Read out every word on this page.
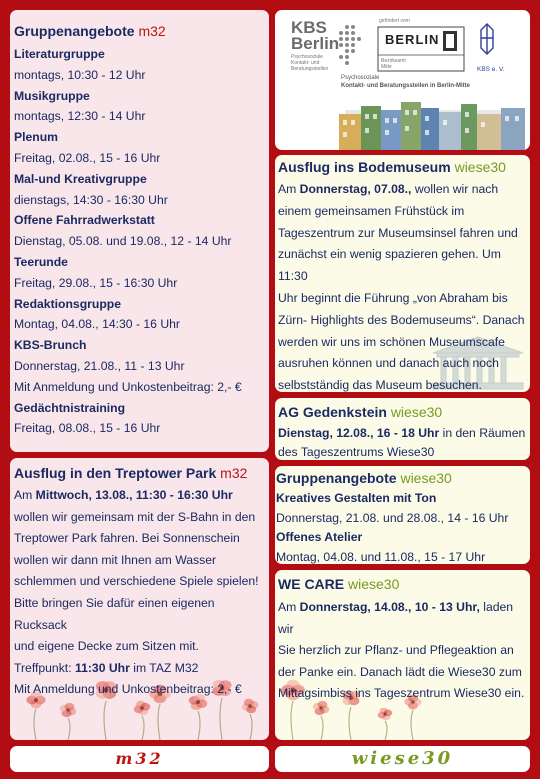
Gruppenangebote m32
Literaturgruppe
montags, 10:30 - 12 Uhr
Musikgruppe
montags, 12:30 - 14 Uhr
Plenum
Freitag, 02.08., 15 - 16 Uhr
Mal-und Kreativgruppe
dienstags, 14:30 - 16:30 Uhr
Offene Fahrradwerkstatt
Dienstag, 05.08. und 19.08., 12 - 14 Uhr
Teerunde
Freitag, 29.08., 15 - 16:30 Uhr
Redaktionsgruppe
Montag, 04.08., 14:30 - 16 Uhr
KBS-Brunch
Donnerstag, 21.08., 11 - 13 Uhr
Mit Anmeldung und Unkostenbeitrag: 2,- €
Gedächtnistraining
Freitag, 08.08., 15 - 16 Uhr
KBS
Berlin
Psychosoziale
Kontakt- und
Beratungsstellen
gefördert vom
BERLIN
Bezirksamt
Mitte	KBS e. V.
Psychosoziale
Kontakt- und Beratungsstellen in Berlin-Mitte
Ausflug ins Bodemuseum wiese30
Am Donnerstag, 07.08., wollen wir nach
einem gemeinsamen Frühstück im
Tageszentrum zur Museumsinsel fahren und
zunächst ein wenig spazieren gehen. Um 11:30
Uhr beginnt die Führung „von Abraham bis
Zürn- Highlights des Bodemuseums“. Danach
werden wir uns im schönen Museumscafe
ausruhen können und danach auch noch
selbstständig das Museum besuchen.
AG Gedenkstein wiese30
Dienstag, 12.08., 16 - 18 Uhr in den Räumen
des Tageszentrums Wiese30
Gruppenangebote wiese30
Kreatives Gestalten mit Ton
Donnerstag, 21.08. und 28.08., 14 - 16 Uhr
Offenes Atelier
Montag, 04.08. und 11.08., 15 - 17 Uhr
Ausflug in den Treptower Park m32
Am Mittwoch, 13.08., 11:30 - 16:30 Uhr
wollen wir gemeinsam mit der S-Bahn in den
Treptower Park fahren. Bei Sonnenschein
wollen wir dann mit Ihnen am Wasser
schlemmen und verschiedene Spiele spielen!
Bitte bringen Sie dafür einen eigenen Rucksack
und eigene Decke zum Sitzen mit.
Treffpunkt: 11:30 Uhr im TAZ M32
Mit Anmeldung und Unkostenbeitrag: 2,- €
WE CARE wiese30
Am Donnerstag, 14.08., 10 - 13 Uhr, laden wir
Sie herzlich zur Pflanz- und Pflegeaktion an
der Panke ein. Danach lädt die Wiese30 zum
Mittagsimbiss ins Tageszentrum Wiese30 ein.
m32	wiese30
